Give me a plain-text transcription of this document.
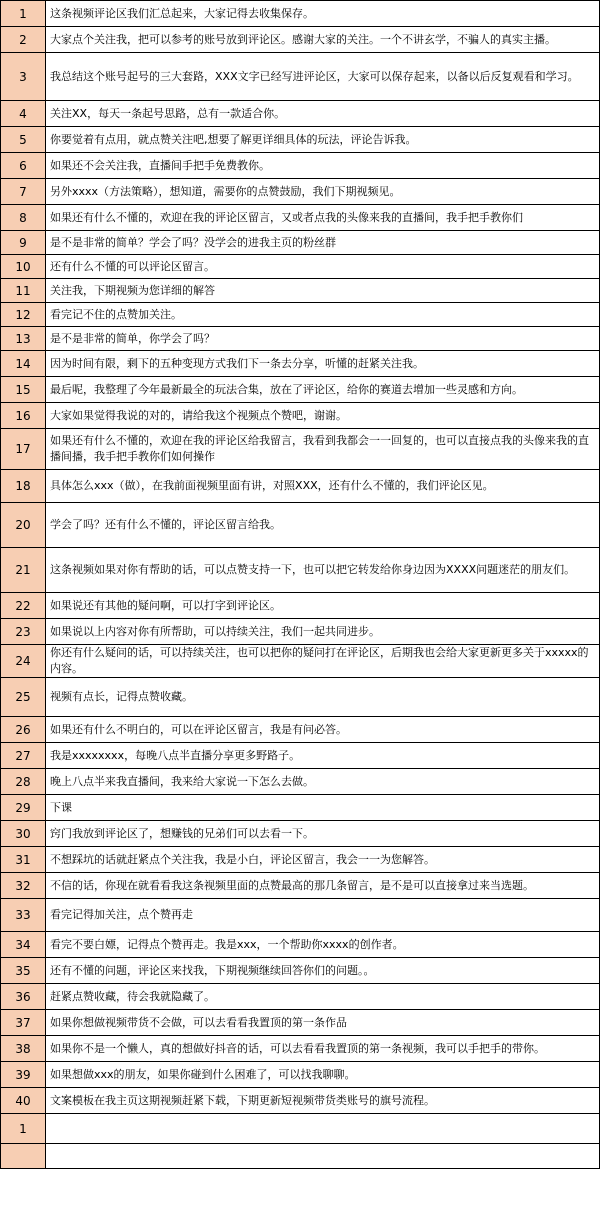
1	这条视频评论区我们汇总起来，大家记得去收集保存。
2	大家点个关注我，把可以参考的账号放到评论区。感谢大家的关注。一个不讲玄学，不骗人的真实主播。
3	我总结这个账号起号的三大套路，XXX文字已经写进评论区，大家可以保存起来，以备以后反复观看和学习。
4	关注XX，每天一条起号思路，总有一款适合你。
5	你要觉着有点用，就点赞关注吧,想要了解更详细具体的玩法，评论告诉我。
6	如果还不会关注我，直播间手把手免费教你。
7	另外xxxx（方法策略），想知道，需要你的点赞鼓励，我们下期视频见。
8	如果还有什么不懂的，欢迎在我的评论区留言，又或者点我的头像来我的直播间，我手把手教你们
9	是不是非常的简单？学会了吗？没学会的进我主页的粉丝群
10	还有什么不懂的可以评论区留言。
11	关注我，下期视频为您详细的解答
12	看完记不住的点赞加关注。
13	是不是非常的简单，你学会了吗？
14	因为时间有限，剩下的五种变现方式我们下一条去分享，听懂的赶紧关注我。
15	最后呢，我整理了今年最新最全的玩法合集，放在了评论区，给你的赛道去增加一些灵感和方向。
16	大家如果觉得我说的对的，请给我这个视频点个赞吧，谢谢。
17	如果还有什么不懂的，欢迎在我的评论区给我留言，我看到我都会一一回复的，也可以直接点我的头像来我的直播间播，我手把手教你们如何操作
18	具体怎么xxx（做），在我前面视频里面有讲，对照XXX，还有什么不懂的，我们评论区见。
20	学会了吗？还有什么不懂的，评论区留言给我。
21	这条视频如果对你有帮助的话，可以点赞支持一下，也可以把它转发给你身边因为XXXX问题迷茫的朋友们。
22	如果说还有其他的疑问啊，可以打字到评论区。
23	如果说以上内容对你有所帮助，可以持续关注，我们一起共同进步。
24	你还有什么疑问的话，可以持续关注，也可以把你的疑问打在评论区，后期我也会给大家更新更多关于xxxxx的内容。
25	视频有点长，记得点赞收藏。
26	如果还有什么不明白的，可以在评论区留言，我是有问必答。
27	我是xxxxxxxx，每晚八点半直播分享更多野路子。
28	晚上八点半来我直播间，我来给大家说一下怎么去做。
29	下课
30	窍门我放到评论区了，想赚钱的兄弟们可以去看一下。
31	不想踩坑的话就赶紧点个关注我，我是小白，评论区留言，我会一一为您解答。
32	不信的话，你现在就看看我这条视频里面的点赞最高的那几条留言，是不是可以直接拿过来当选题。
33	看完记得加关注，点个赞再走
34	看完不要白嫖，记得点个赞再走。我是xxx，一个帮助你xxxx的创作者。
35	还有不懂的问题，评论区来找我，下期视频继续回答你们的问题。。
36	赶紧点赞收藏，待会我就隐藏了。
37	如果你想做视频带货不会做，可以去看看我置顶的第一条作品
38	如果你不是一个懒人，真的想做好抖音的话，可以去看看我置顶的第一条视频，我可以手把手的带你。
39	如果想做xxx的朋友，如果你碰到什么困难了，可以找我聊聊。
40	文案模板在我主页这期视频赶紧下载，下期更新短视频带货类账号的旗号流程。
1	
